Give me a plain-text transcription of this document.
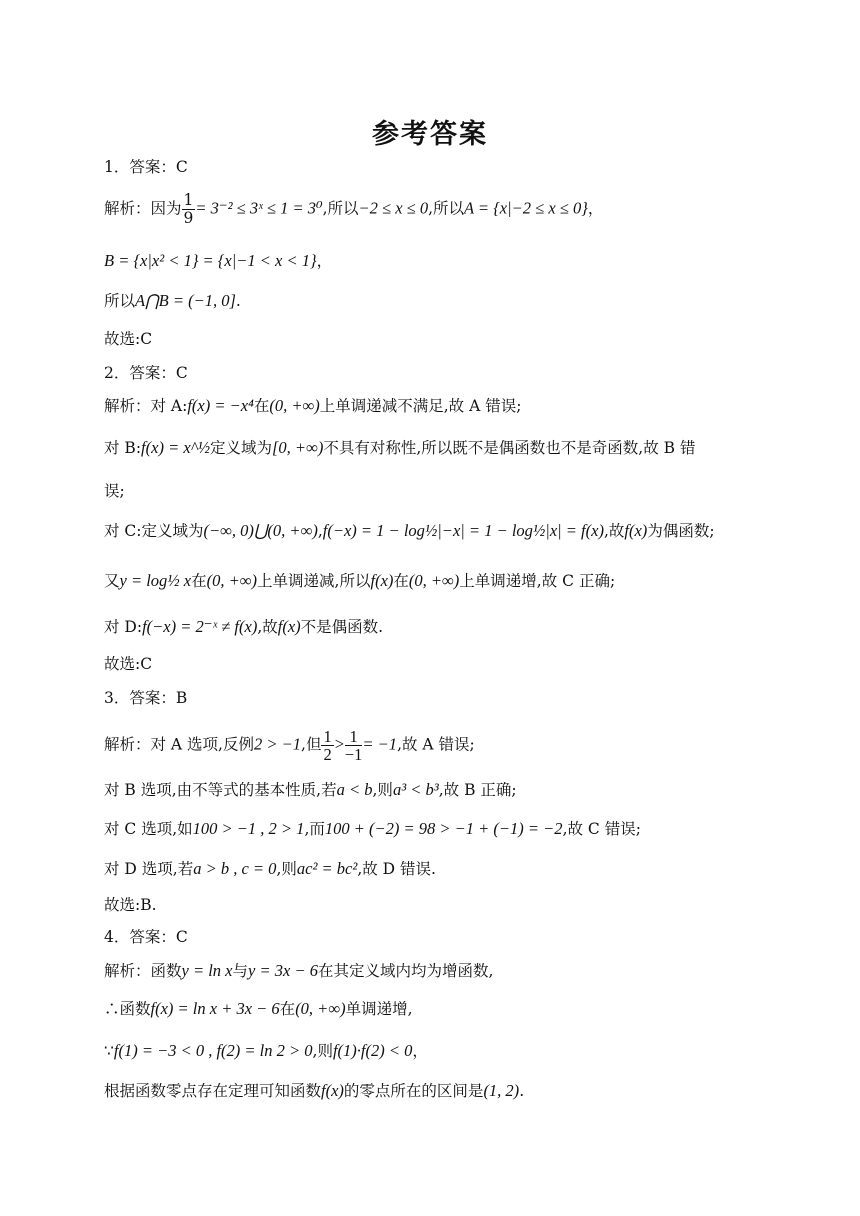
参考答案
1．答案：C
解析：因为 $\frac{1}{9} = 3^{-2}$ ≤ 3ˣ ≤ 1 = 3⁰,所以−2 ≤ x ≤ 0,所以A = {x|−2 ≤ x ≤ 0}，
B = {x|x² < 1} = {x|−1 < x < 1}，
所以A⋂B = (−1, 0].
故选:C
2．答案：C
解析：对 A:f(x) = −x⁴在(0, +∞)上单调递减不满足,故 A 错误;
对 B:f(x) = x^½定义域为[0, +∞)不具有对称性,所以既不是偶函数也不是奇函数,故 B 错
误;
对 C:定义域为(−∞, 0)⋃(0, +∞),f(−x) = 1 − log½|−x| = 1 − log½|x| = f(x),故f(x)为偶函数;
又y = log½ x在(0, +∞)上单调递减,所以f(x)在(0, +∞)上单调递增,故 C 正确;
对 D:f(−x) = 2⁻ˣ ≠ f(x),故f(x)不是偶函数.
故选:C
3．答案：B
解析：对 A 选项,反例2 > −1,但 $\frac{1}{2} > \frac{1}{-1} = -1$,故 A 错误;
对 B 选项,由不等式的基本性质,若a < b,则a³ < b³,故 B 正确;
对 C 选项,如100 > −1 , 2 > 1,而100 + (−2) = 98 > −1 + (−1) = −2,故 C 错误;
对 D 选项,若a > b , c = 0,则ac² = bc²,故 D 错误.
故选:B.
4．答案：C
解析：函数y = ln x与y = 3x − 6在其定义域内均为增函数,
∴函数f(x) = ln x + 3x − 6在(0, +∞)单调递增,
∵f(1) = −3 < 0 , f(2) = ln 2 > 0,则f(1)·f(2) < 0，
根据函数零点存在定理可知函数f(x)的零点所在的区间是(1, 2).
